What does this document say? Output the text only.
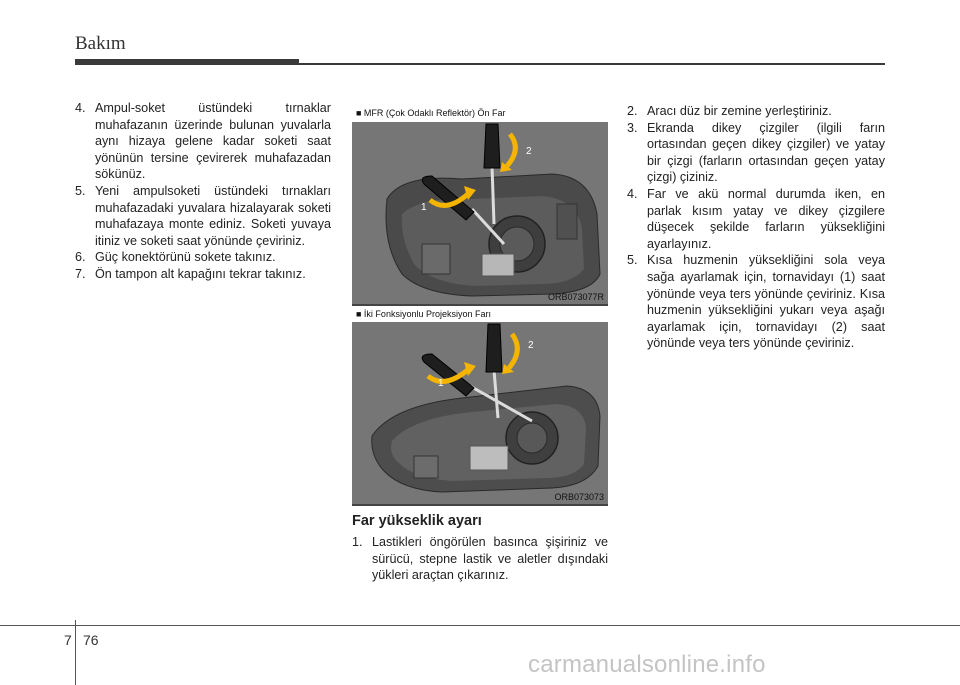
Bakım
4. Ampul-soket üstündeki tırnaklar muhafazanın üzerinde bulunan yuvalarla aynı hizaya gelene kadar soketi saat yönünün tersine çevirerek muhafazadan sökünüz.
5. Yeni ampulsoketi üstündeki tırnakları muhafazadaki yuvalara hizalayarak soketi muhafazaya monte ediniz. Soketi yuvaya itiniz ve soketi saat yönünde çeviriniz.
6. Güç konektörünü sokete takınız.
7. Ön tampon alt kapağını tekrar takınız.
1
2
■ MFR (Çok Odaklı Reflektör) Ön Far
ORB073077R
1
2
■ İki Fonksiyonlu Projeksiyon Farı
ORB073073
Far yükseklik ayarı
1. Lastikleri öngörülen basınca şişiriniz ve sürücü, stepne lastik ve aletler dışındaki yükleri araçtan çıkarınız.
2. Aracı düz bir zemine yerleştiriniz.
3. Ekranda dikey çizgiler (ilgili farın ortasından geçen dikey çizgiler) ve yatay bir çizgi (farların ortasından geçen yatay çizgi) çiziniz.
4. Far ve akü normal durumda iken, en parlak kısım yatay ve dikey çizgilere düşecek şekilde farların yüksekliğini ayarlayınız.
5. Kısa huzmenin yüksekliğini sola veya sağa ayarlamak için, tornavidayı (1) saat yönünde veya ters yönünde çeviriniz. Kısa huzmenin yüksekliğini yukarı veya aşağı ayarlamak için, tornavidayı (2) saat yönünde veya ters yönünde çeviriniz.
7 76
carmanualsonline.info
